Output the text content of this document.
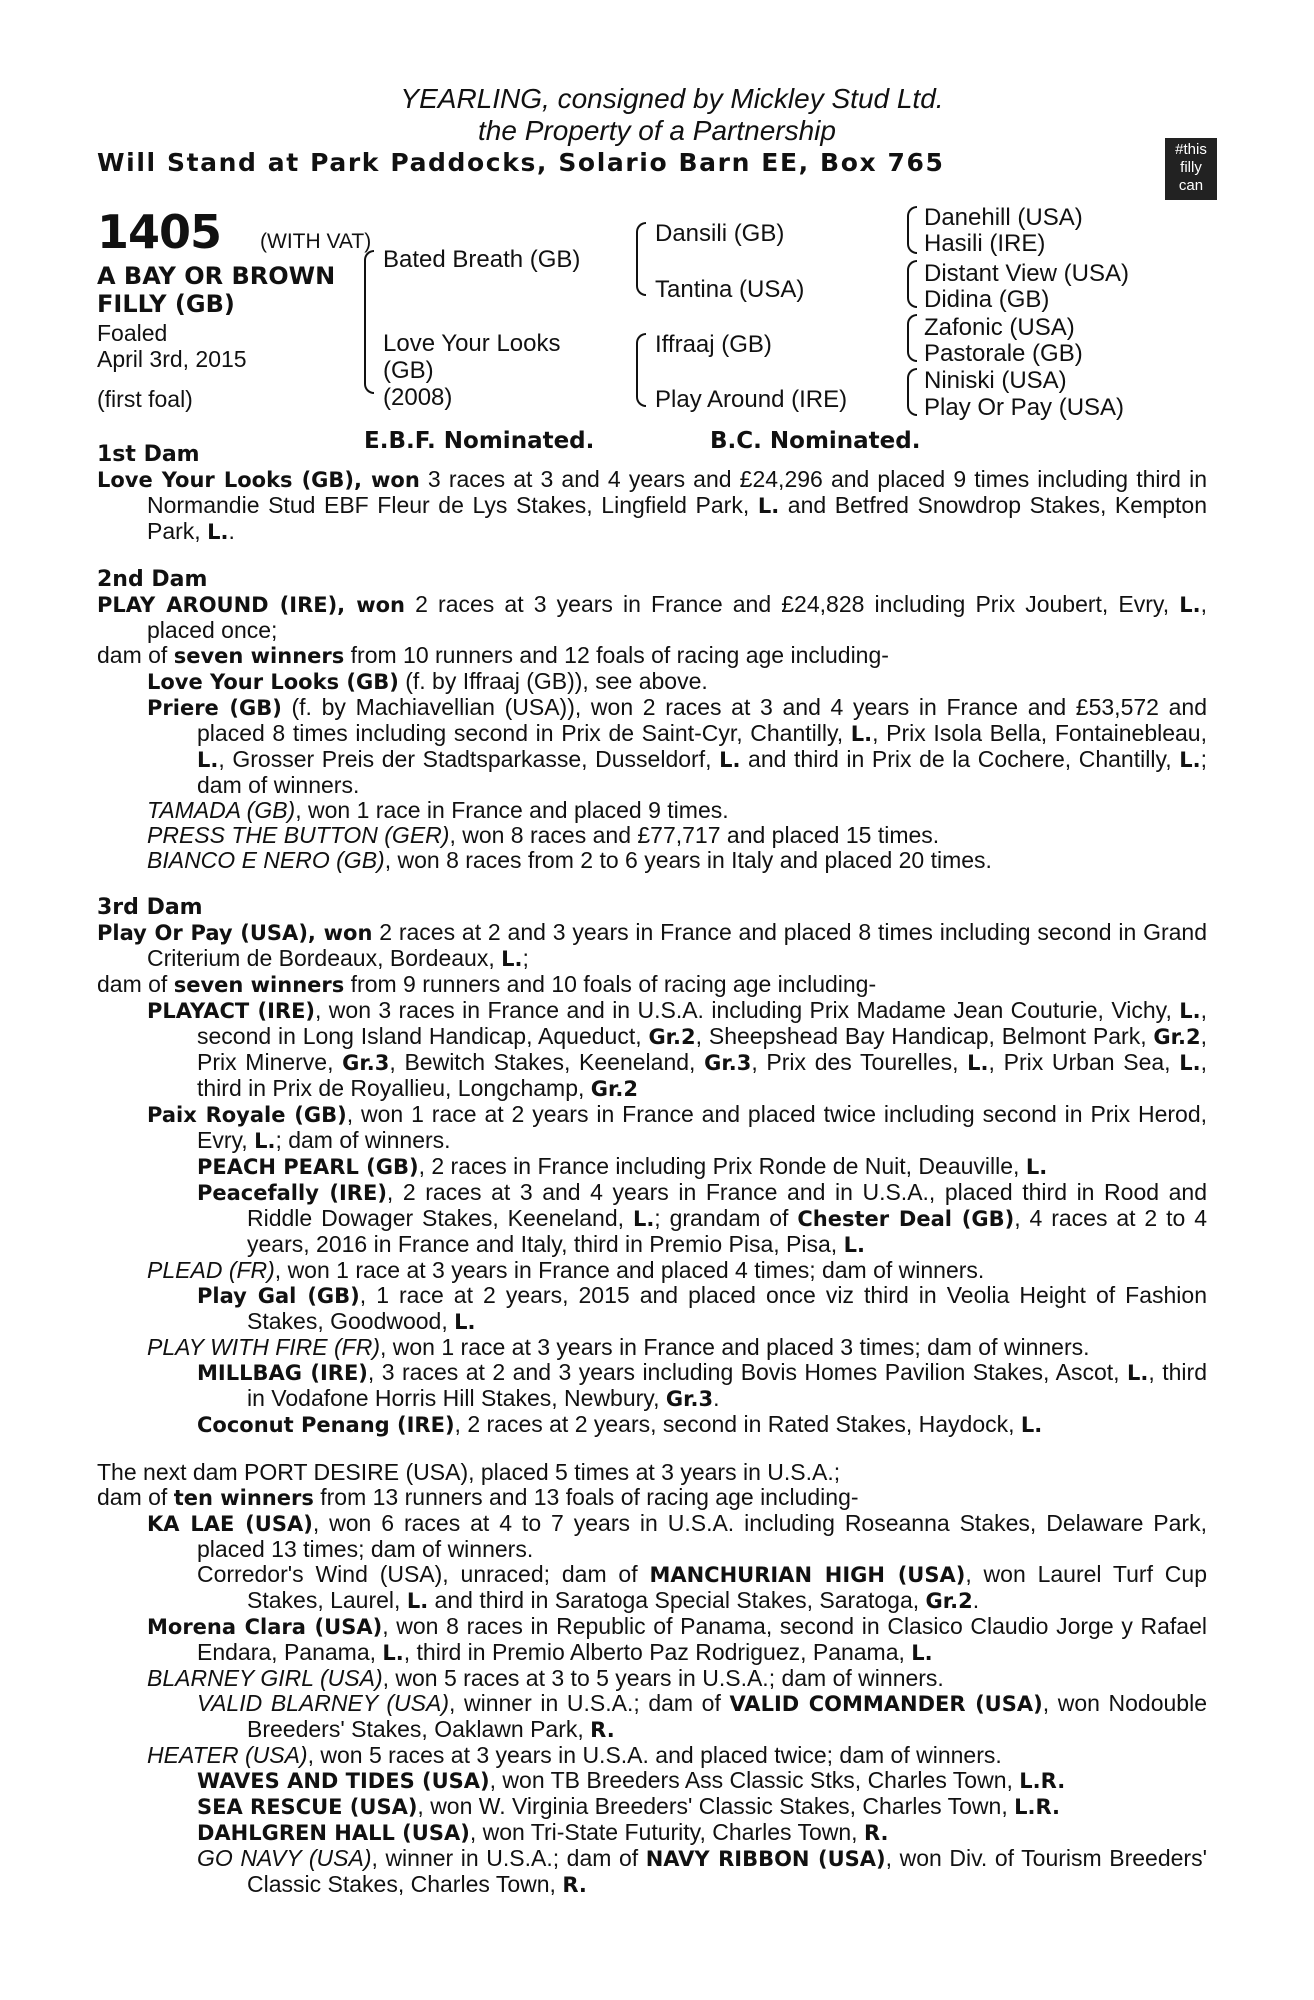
YEARLING, consigned by Mickley Stud Ltd.
the Property of a Partnership
Will Stand at Park Paddocks, Solario Barn EE, Box 765	#this
filly
can
1405 (WITH VAT)
A BAY OR BROWN
FILLY (GB)
Foaled
April 3rd, 2015
(first foal)
Bated Breath (GB)
Love Your Looks
(GB)
(2008)
Dansili (GB)
Tantina (USA)
Iffraaj (GB)
Play Around (IRE)
Danehill (USA)
Hasili (IRE)
Distant View (USA)
Didina (GB)
Zafonic (USA)
Pastorale (GB)
Niniski (USA)
Play Or Pay (USA)
E.B.F. Nominated.	B.C. Nominated.
1st Dam
Love Your Looks (GB), won 3 races at 3 and 4 years and £24,296 and placed 9 times including third in Normandie Stud EBF Fleur de Lys Stakes, Lingfield Park, L. and Betfred Snowdrop Stakes, Kempton Park, L..
2nd Dam
PLAY AROUND (IRE), won 2 races at 3 years in France and £24,828 including Prix Joubert, Evry, L., placed once;
dam of seven winners from 10 runners and 12 foals of racing age including-
Love Your Looks (GB) (f. by Iffraaj (GB)), see above.
Priere (GB) (f. by Machiavellian (USA)), won 2 races at 3 and 4 years in France and £53,572 and placed 8 times including second in Prix de Saint-Cyr, Chantilly, L., Prix Isola Bella, Fontainebleau, L., Grosser Preis der Stadtsparkasse, Dusseldorf, L. and third in Prix de la Cochere, Chantilly, L.; dam of winners.
TAMADA (GB), won 1 race in France and placed 9 times.
PRESS THE BUTTON (GER), won 8 races and £77,717 and placed 15 times.
BIANCO E NERO (GB), won 8 races from 2 to 6 years in Italy and placed 20 times.
3rd Dam
Play Or Pay (USA), won 2 races at 2 and 3 years in France and placed 8 times including second in Grand Criterium de Bordeaux, Bordeaux, L.;
dam of seven winners from 9 runners and 10 foals of racing age including-
PLAYACT (IRE), won 3 races in France and in U.S.A. including Prix Madame Jean Couturie, Vichy, L., second in Long Island Handicap, Aqueduct, Gr.2, Sheepshead Bay Handicap, Belmont Park, Gr.2, Prix Minerve, Gr.3, Bewitch Stakes, Keeneland, Gr.3, Prix des Tourelles, L., Prix Urban Sea, L., third in Prix de Royallieu, Longchamp, Gr.2
Paix Royale (GB), won 1 race at 2 years in France and placed twice including second in Prix Herod, Evry, L.; dam of winners.
PEACH PEARL (GB), 2 races in France including Prix Ronde de Nuit, Deauville, L.
Peacefally (IRE), 2 races at 3 and 4 years in France and in U.S.A., placed third in Rood and Riddle Dowager Stakes, Keeneland, L.; grandam of Chester Deal (GB), 4 races at 2 to 4 years, 2016 in France and Italy, third in Premio Pisa, Pisa, L.
PLEAD (FR), won 1 race at 3 years in France and placed 4 times; dam of winners.
Play Gal (GB), 1 race at 2 years, 2015 and placed once viz third in Veolia Height of Fashion Stakes, Goodwood, L.
PLAY WITH FIRE (FR), won 1 race at 3 years in France and placed 3 times; dam of winners.
MILLBAG (IRE), 3 races at 2 and 3 years including Bovis Homes Pavilion Stakes, Ascot, L., third in Vodafone Horris Hill Stakes, Newbury, Gr.3.
Coconut Penang (IRE), 2 races at 2 years, second in Rated Stakes, Haydock, L.
The next dam PORT DESIRE (USA), placed 5 times at 3 years in U.S.A.;
dam of ten winners from 13 runners and 13 foals of racing age including-
KA LAE (USA), won 6 races at 4 to 7 years in U.S.A. including Roseanna Stakes, Delaware Park, placed 13 times; dam of winners.
Corredor's Wind (USA), unraced; dam of MANCHURIAN HIGH (USA), won Laurel Turf Cup Stakes, Laurel, L. and third in Saratoga Special Stakes, Saratoga, Gr.2.
Morena Clara (USA), won 8 races in Republic of Panama, second in Clasico Claudio Jorge y Rafael Endara, Panama, L., third in Premio Alberto Paz Rodriguez, Panama, L.
BLARNEY GIRL (USA), won 5 races at 3 to 5 years in U.S.A.; dam of winners.
VALID BLARNEY (USA), winner in U.S.A.; dam of VALID COMMANDER (USA), won Nodouble Breeders' Stakes, Oaklawn Park, R.
HEATER (USA), won 5 races at 3 years in U.S.A. and placed twice; dam of winners.
WAVES AND TIDES (USA), won TB Breeders Ass Classic Stks, Charles Town, L.R.
SEA RESCUE (USA), won W. Virginia Breeders' Classic Stakes, Charles Town, L.R.
DAHLGREN HALL (USA), won Tri-State Futurity, Charles Town, R.
GO NAVY (USA), winner in U.S.A.; dam of NAVY RIBBON (USA), won Div. of Tourism Breeders' Classic Stakes, Charles Town, R.
